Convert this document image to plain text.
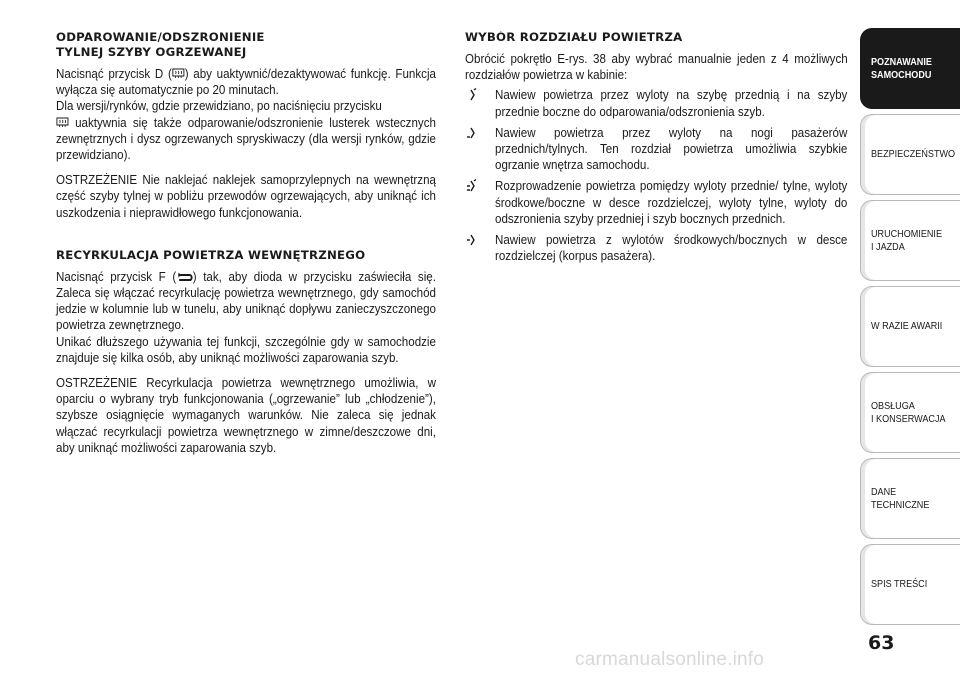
ODPAROWANIE/ODSZRONIENIE
TYLNEJ SZYBY OGRZEWANEJ

Nacisnąć przycisk D ( ) aby uaktywnić/dezaktywować funkcję. Funkcja wyłącza się automatycznie po 20 minutach.
Dla wersji/rynków, gdzie przewidziano, po naciśnięciu przycisku
uaktywnia się także odparowanie/odszronienie lusterek wstecznych zewnętrznych i dysz ogrzewanych spryskiwaczy (dla wersji rynków, gdzie przewidziano).

OSTRZEŻENIE Nie naklejać naklejek samoprzylepnych na wewnętrzną część szyby tylnej w pobliżu przewodów ogrzewających, aby uniknąć ich uszkodzenia i nieprawidłowego funkcjonowania.

RECYRKULACJA POWIETRZA WEWNĘTRZNEGO

Nacisnąć przycisk F ( ) tak, aby dioda w przycisku zaświeciła się. Zaleca się włączać recyrkulację powietrza wewnętrznego, gdy samochód jedzie w kolumnie lub w tunelu, aby uniknąć dopływu zanieczyszczonego powietrza zewnętrznego.
Unikać dłuższego używania tej funkcji, szczególnie gdy w samochodzie znajduje się kilka osób, aby uniknąć możliwości zaparowania szyb.

OSTRZEŻENIE Recyrkulacja powietrza wewnętrznego umożliwia, w oparciu o wybrany tryb funkcjonowania („ogrzewanie” lub „chłodzenie”), szybsze osiągnięcie wymaganych warunków. Nie zaleca się jednak włączać recyrkulacji powietrza wewnętrznego w zimne/deszczowe dni, aby uniknąć możliwości zaparowania szyb.

WYBÓR ROZDZIAŁU POWIETRZA

Obrócić pokrętło E-rys. 38 aby wybrać manualnie jeden z 4 możliwych rozdziałów powietrza w kabinie:

Nawiew powietrza przez wyloty na szybę przednią i na szyby przednie boczne do odparowania/odszronienia szyb.
Nawiew powietrza przez wyloty na nogi pasażerów przednich/tylnych. Ten rozdział powietrza umożliwia szybkie ogrzanie wnętrza samochodu.
Rozprowadzenie powietrza pomiędzy wyloty przednie/ tylne, wyloty środkowe/boczne w desce rozdzielczej, wyloty tylne, wyloty do odszronienia szyby przedniej i szyb bocznych przednich.
Nawiew powietrza z wylotów środkowych/bocznych w desce rozdzielczej (korpus pasażera).
POZNAWANIE
SAMOCHODU
BEZPIECZEŃSTWO
URUCHOMIENIE
I JAZDA
W RAZIE AWARII
OBSŁUGA
I KONSERWACJA
DANE
TECHNICZNE
SPIS TREŚCI
63
carmanualsonline.info
